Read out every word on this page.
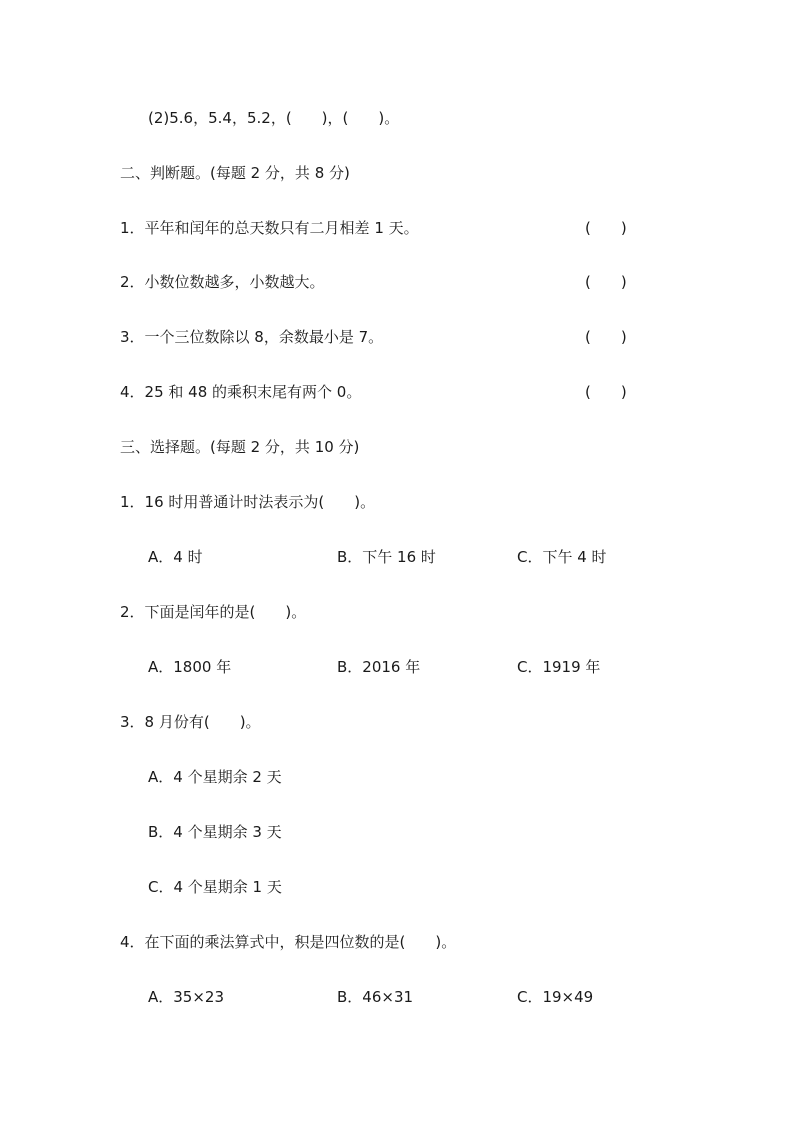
(2)5.6，5.4，5.2，(　　)，(　　)。
二、判断题。(每题 2 分，共 8 分)
1．平年和闰年的总天数只有二月相差 1 天。	(　　)
2．小数位数越多，小数越大。	(　　)
3．一个三位数除以 8，余数最小是 7。	(　　)
4．25 和 48 的乘积末尾有两个 0。	(　　)
三、选择题。(每题 2 分，共 10 分)
1．16 时用普通计时法表示为(　　)。
A．4 时	B．下午 16 时	C．下午 4 时
2．下面是闰年的是(　　)。
A．1800 年	B．2016 年	C．1919 年
3．8 月份有(　　)。
A．4 个星期余 2 天
B．4 个星期余 3 天
C．4 个星期余 1 天
4．在下面的乘法算式中，积是四位数的是(　　)。
A．35×23	B．46×31	C．19×49
